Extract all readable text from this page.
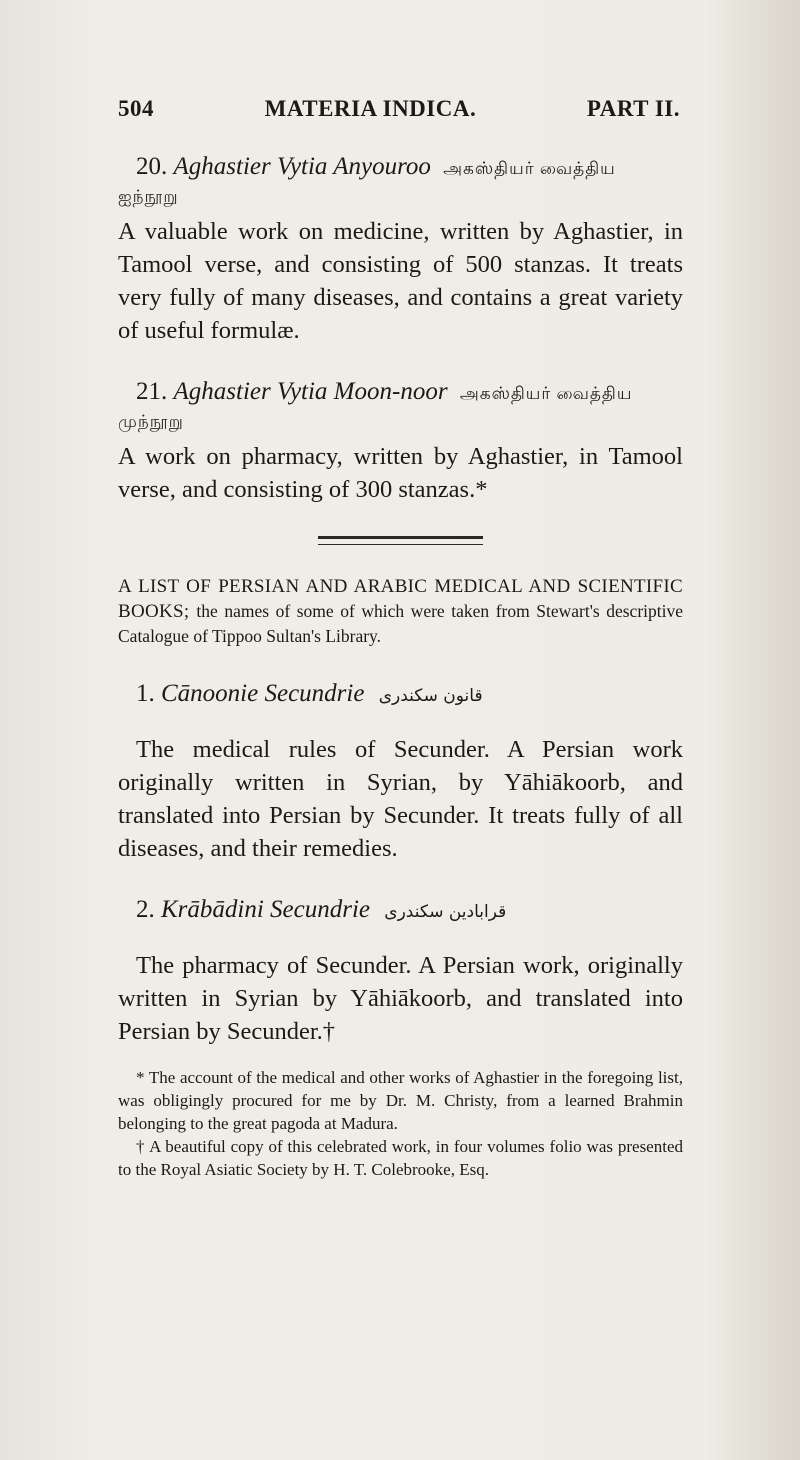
504	MATERIA INDICA.	PART II.

20. Aghastier Vytia Anyouroo அகஸ்தியர் வைத்திய

ஐந்நூறு

A valuable work on medicine, written by Aghastier, in Tamool verse, and consisting of 500 stanzas. It treats very fully of many diseases, and contains a great variety of useful formulæ.

21. Aghastier Vytia Moon-noor அகஸ்தியர் வைத்திய

முந்நூறு

A work on pharmacy, written by Aghastier, in Tamool verse, and consisting of 300 stanzas.*

A LIST OF PERSIAN AND ARABIC MEDICAL AND SCIENTIFIC BOOKS; the names of some of which were taken from Stewart's descriptive Catalogue of Tippoo Sultan's Library.

1. Cānoonie Secundrie قانون سکندری

The medical rules of Secunder. A Persian work originally written in Syrian, by Yāhiākoorb, and translated into Persian by Secunder. It treats fully of all diseases, and their remedies.

2. Krābādini Secundrie قرابادین سکندری

The pharmacy of Secunder. A Persian work, originally written in Syrian by Yāhiākoorb, and translated into Persian by Secunder.†

* The account of the medical and other works of Aghastier in the foregoing list, was obligingly procured for me by Dr. M. Christy, from a learned Brahmin belonging to the great pagoda at Madura.

† A beautiful copy of this celebrated work, in four volumes folio was presented to the Royal Asiatic Society by H. T. Colebrooke, Esq.
